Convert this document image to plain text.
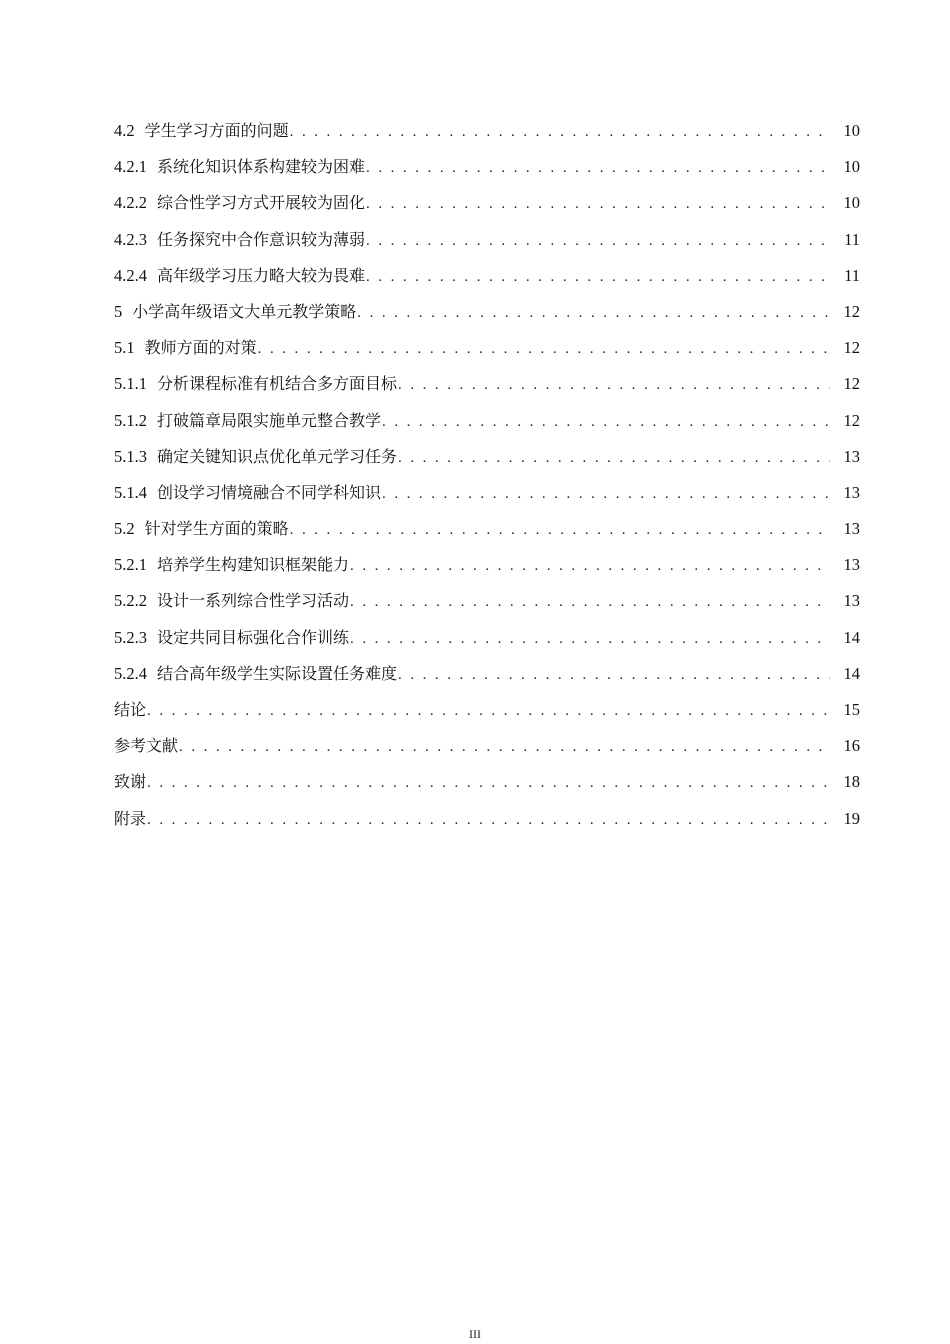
4.2 学生学习方面的问题 . . .	10
4.2.1 系统化知识体系构建较为困难 . . .	10
4.2.2 综合性学习方式开展较为固化 . . .	10
4.2.3 任务探究中合作意识较为薄弱 . . .	11
4.2.4 高年级学习压力略大较为畏难 . . .	11
5 小学高年级语文大单元教学策略 . . .	12
5.1 教师方面的对策 . . .	12
5.1.1 分析课程标准有机结合多方面目标 . . .	12
5.1.2 打破篇章局限实施单元整合教学 . . .	12
5.1.3 确定关键知识点优化单元学习任务 . . .	13
5.1.4 创设学习情境融合不同学科知识 . . .	13
5.2 针对学生方面的策略 . . .	13
5.2.1 培养学生构建知识框架能力 . . .	13
5.2.2 设计一系列综合性学习活动 . . .	13
5.2.3 设定共同目标强化合作训练 . . .	14
5.2.4 结合高年级学生实际设置任务难度 . . .	14
结论 . . .	15
参考文献 . . .	16
致谢 . . .	18
附录 . . .	19
III
